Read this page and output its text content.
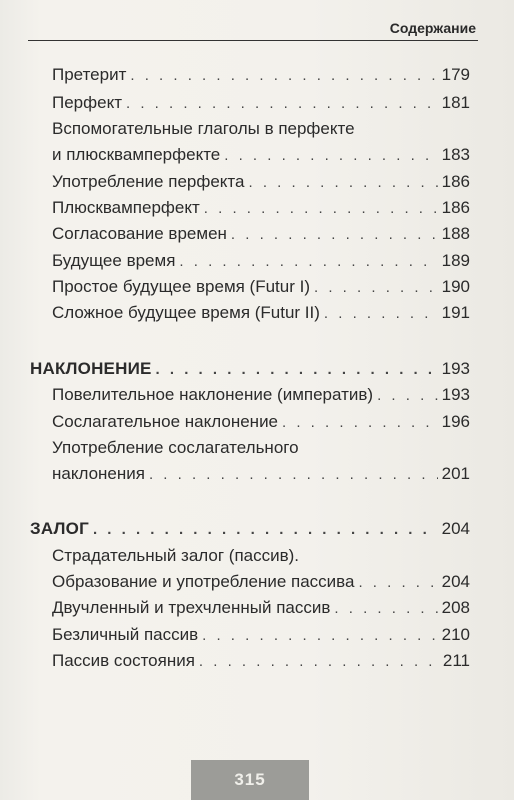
Содержание
Претерит . . .	179
Перфект . . .	181
Вспомогательные глаголы в перфекте
и плюсквамперфекте . . .	183
Употребление перфекта . . .	186
Плюсквамперфект . . .	186
Согласование времен . . .	188
Будущее время . . .	189
Простое будущее время (Futur I) . . .	190
Сложное будущее время (Futur II) . . .	191
НАКЛОНЕНИЕ . . .	193
Повелительное наклонение (императив) . . .	193
Сослагательное наклонение . . .	196
Употребление сослагательного
наклонения . . .	201
ЗАЛОГ . . .	204
Страдательный залог (пассив).
Образование и употребление пассива . . .	204
Двучленный и трехчленный пассив . . .	208
Безличный пассив . . .	210
Пассив состояния . . .	211
315
